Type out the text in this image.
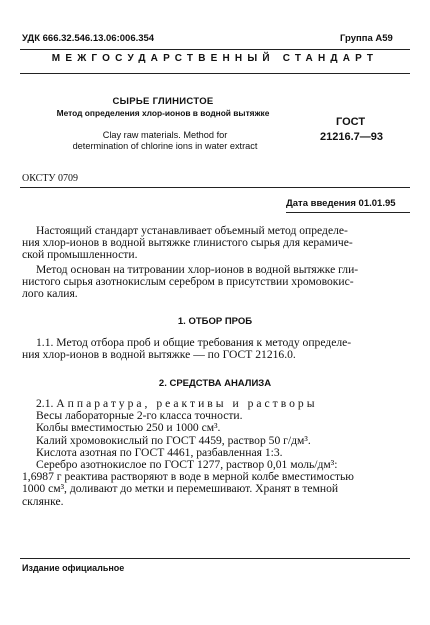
УДК 666.32.546.13.06:006.354	Группа А59
МЕЖГОСУДАРСТВЕННЫЙ СТАНДАРТ
СЫРЬЕ ГЛИНИСТОЕ
Метод определения хлор-ионов в водной вытяжке
Clay raw materials. Method for
determination of chlorine ions in water extract
ГОСТ
21216.7—93
ОКСТУ 0709
Дата введения 01.01.95
Настоящий стандарт устанавливает объемный метод определе-
ния хлор-ионов в водной вытяжке глинистого сырья для керамиче-
ской промышленности.
Метод основан на титровании хлор-ионов в водной вытяжке гли-
нистого сырья азотнокислым серебром в присутствии хромовокис-
лого калия.
1. ОТБОР ПРОБ
1.1. Метод отбора проб и общие требования к методу определе-
ния хлор-ионов в водной вытяжке — по ГОСТ 21216.0.
2. СРЕДСТВА АНАЛИЗА
2.1. Аппаратура, реактивы и растворы
Весы лабораторные 2-го класса точности.
Колбы вместимостью 250 и 1000 см³.
Калий хромовокислый по ГОСТ 4459, раствор 50 г/дм³.
Кислота азотная по ГОСТ 4461, разбавленная 1:3.
Серебро азотнокислое по ГОСТ 1277, раствор 0,01 моль/дм³:
1,6987 г реактива растворяют в воде в мерной колбе вместимостью
1000 см³, доливают до метки и перемешивают. Хранят в темной
склянке.
Издание официальное
